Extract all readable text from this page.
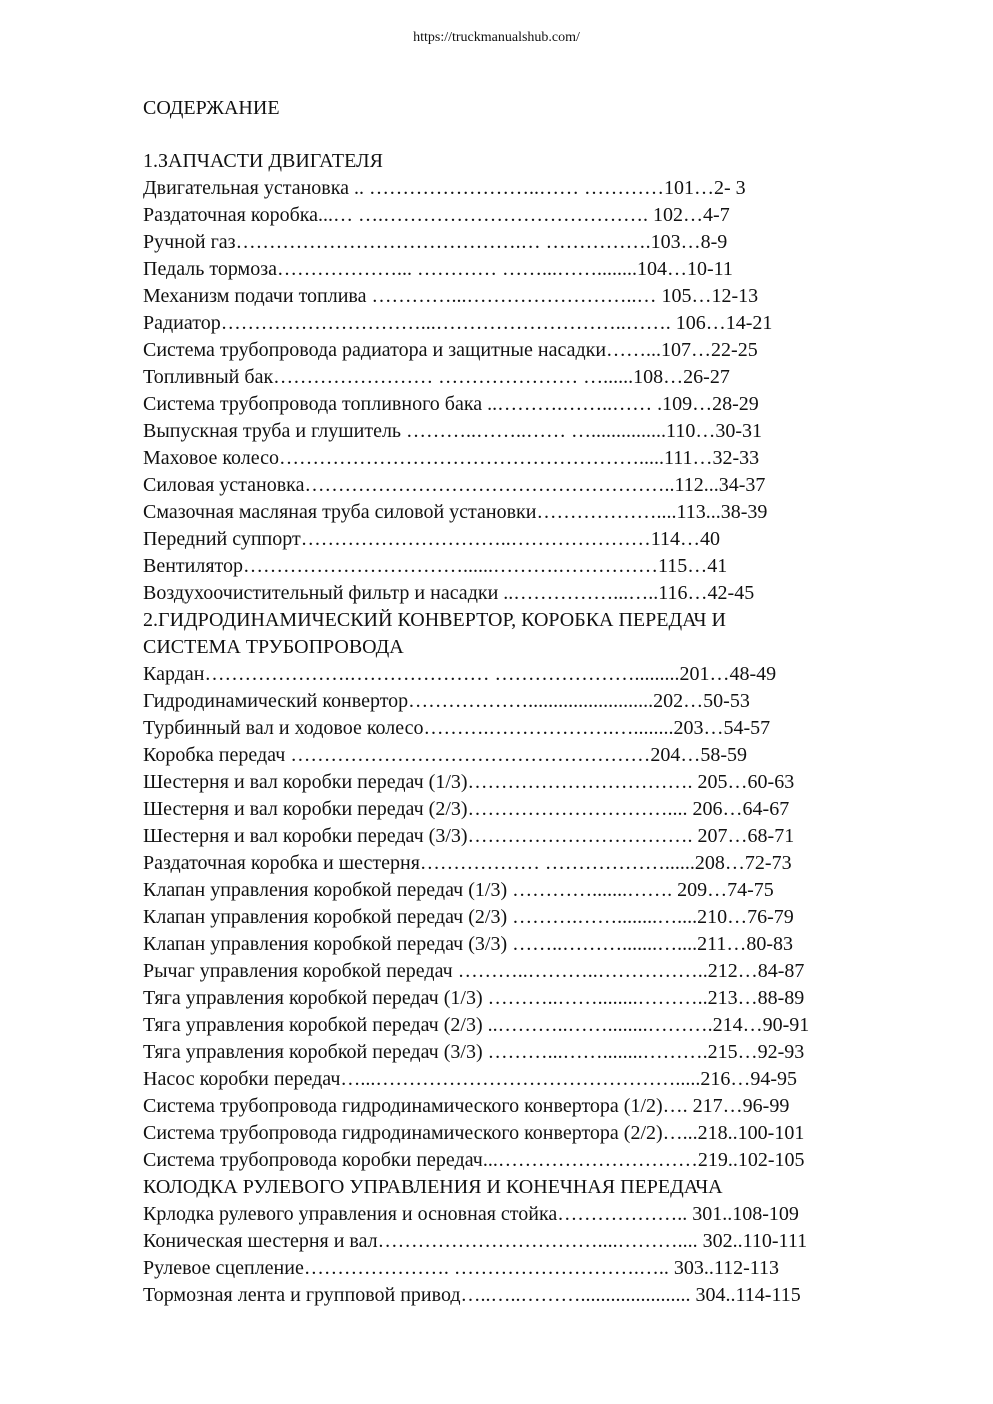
https://truckmanualshub.com/
СОДЕРЖАНИЕ
1.ЗАПЧАСТИ ДВИГАТЕЛЯ
Двигательная установка .. ……………………..…… …………101…2- 3
Раздаточная коробка...… ….…………………………………. 102…4-7
Ручной газ…………………………………….… …………….103…8-9
Педаль тормоза………………... ………… ……...……........104…10-11
Механизм подачи топлива …………...……………………..… 105…12-13
Радиатор…………………………...………………………..……. 106…14-21
Система трубопровода радиатора и защитные насадки……...107…22-25
Топливный бак…………………… ………………… …......108…26-27
Система трубопровода топливного бака ..……….……..…… .109…28-29
Выпускная труба и глушитель ………..……..…… …...............110…30-31
Маховое колесо……………………………………………….....111…32-33
Силовая установка………………………………………………..112...34-37
Смазочная масляная труба силовой установки………………....113...38-39
Передний суппорт…………………………..…………………114…40
Вентилятор……………………………......……….……………115…41
Воздухоочистительный фильтр и насадки ..……………...…..116…42-45
2.ГИДРОДИНАМИЧЕСКИЙ КОНВЕРТОР, КОРОБКА ПЕРЕДАЧ И
СИСТЕМА ТРУБОПРОВОДА
Кардан………………….………………… ………………….........201…48-49
Гидродинамический конвертор……………….........................202…50-53
Турбинный вал и ходовое колесо……….……………….…........203…54-57
Коробка передач ………………………………………………204…58-59
Шестерня и вал коробки передач (1/3)……………………………. 205…60-63
Шестерня и вал коробки передач (2/3)………………………….... 206…64-67
Шестерня и вал коробки передач (3/3)……………………………. 207…68-71
Раздаточная коробка и шестерня……………… ………………......208…72-73
Клапан управления коробкой передач (1/3) ………….......……. 209…74-75
Клапан управления коробкой передач (2/3) ……….……........…....210…76-79
Клапан управления коробкой передач (3/3) ……..……….......…....211…80-83
Рычаг управления коробкой передач ………..………..……………..212…84-87
Тяга управления коробкой передач (1/3) ………..……........………..213…88-89
Тяга управления коробкой передач (2/3) ..………..……........……….214…90-91
Тяга управления коробкой передач (3/3) ………...……........……….215…92-93
Насос коробки передач…...……………………………………….....216…94-95
Система трубопровода гидродинамического конвертора (1/2)…. 217…96-99
Система трубопровода гидродинамического конвертора (2/2)…...218..100-101
Система трубопровода коробки передач...…………………………219..102-105
КОЛОДКА РУЛЕВОГО УПРАВЛЕНИЯ И КОНЕЧНАЯ ПЕРЕДАЧА
Крлодка рулевого управления и основная стойка……………….. 301..108-109
Коническая шестерня и вал……………………………....……….... 302..110-111
Рулевое сцепление…………………. ……………………….….. 303..112-113
Тормозная лента и групповой привод…..…..………...................... 304..114-115
